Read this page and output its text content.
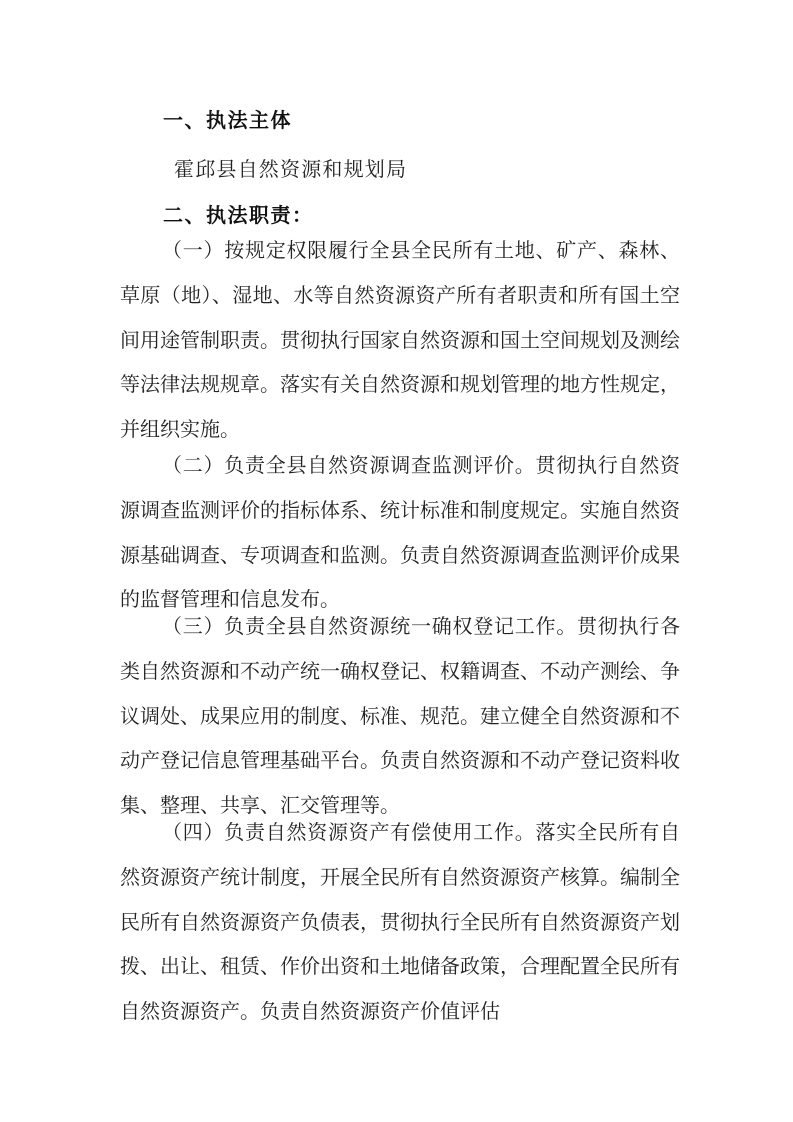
一、执法主体
霍邱县自然资源和规划局
二、执法职责：
（一）按规定权限履行全县全民所有土地、矿产、森林、草原（地）、湿地、水等自然资源资产所有者职责和所有国土空间用途管制职责。贯彻执行国家自然资源和国土空间规划及测绘等法律法规规章。落实有关自然资源和规划管理的地方性规定，并组织实施。
（二）负责全县自然资源调查监测评价。贯彻执行自然资源调查监测评价的指标体系、统计标准和制度规定。实施自然资源基础调查、专项调查和监测。负责自然资源调查监测评价成果的监督管理和信息发布。
（三）负责全县自然资源统一确权登记工作。贯彻执行各类自然资源和不动产统一确权登记、权籍调查、不动产测绘、争议调处、成果应用的制度、标准、规范。建立健全自然资源和不动产登记信息管理基础平台。负责自然资源和不动产登记资料收集、整理、共享、汇交管理等。
（四）负责自然资源资产有偿使用工作。落实全民所有自然资源资产统计制度，开展全民所有自然资源资产核算。编制全民所有自然资源资产负债表，贯彻执行全民所有自然资源资产划拨、出让、租赁、作价出资和土地储备政策，合理配置全民所有自然资源资产。负责自然资源资产价值评估
